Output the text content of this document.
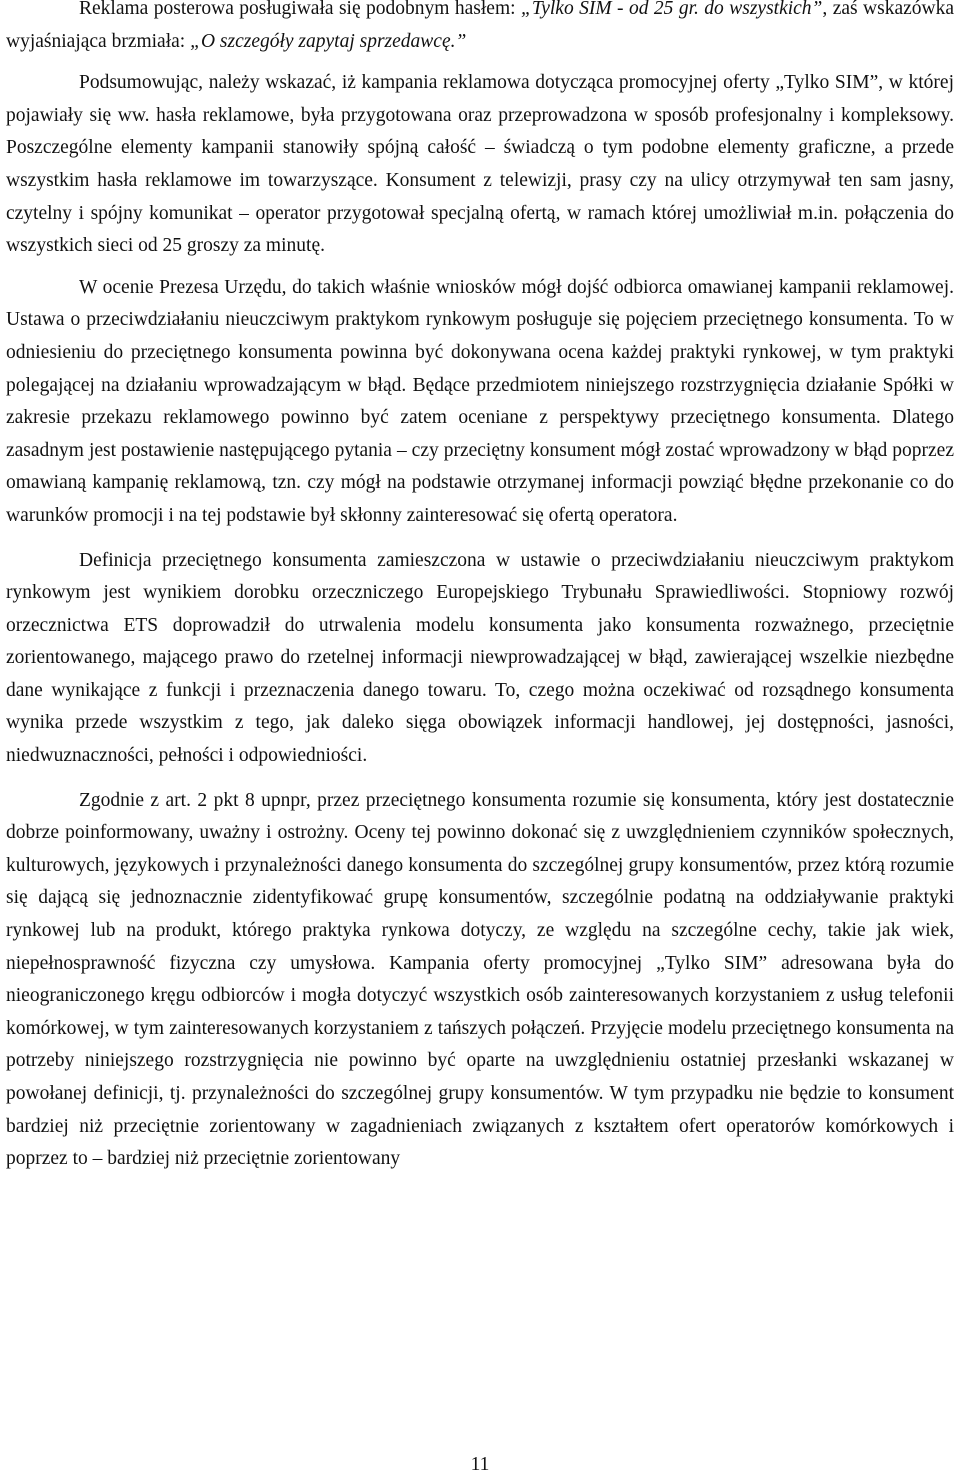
Reklama posterowa posługiwała się podobnym hasłem: „Tylko SIM - od 25 gr. do wszystkich”, zaś wskazówka wyjaśniająca brzmiała: „O szczegóły zapytaj sprzedawcę.”

Podsumowując, należy wskazać, iż kampania reklamowa dotycząca promocyjnej oferty „Tylko SIM”, w której pojawiały się ww. hasła reklamowe, była przygotowana oraz przeprowadzona w sposób profesjonalny i kompleksowy. Poszczególne elementy kampanii stanowiły spójną całość – świadczą o tym podobne elementy graficzne, a przede wszystkim hasła reklamowe im towarzyszące. Konsument z telewizji, prasy czy na ulicy otrzymywał ten sam jasny, czytelny i spójny komunikat – operator przygotował specjalną ofertą, w ramach której umożliwiał m.in. połączenia do wszystkich sieci od 25 groszy za minutę.

W ocenie Prezesa Urzędu, do takich właśnie wniosków mógł dojść odbiorca omawianej kampanii reklamowej. Ustawa o przeciwdziałaniu nieuczciwym praktykom rynkowym posługuje się pojęciem przeciętnego konsumenta. To w odniesieniu do przeciętnego konsumenta powinna być dokonywana ocena każdej praktyki rynkowej, w tym praktyki polegającej na działaniu wprowadzającym w błąd. Będące przedmiotem niniejszego rozstrzygnięcia działanie Spółki w zakresie przekazu reklamowego powinno być zatem oceniane z perspektywy przeciętnego konsumenta. Dlatego zasadnym jest postawienie następującego pytania – czy przeciętny konsument mógł zostać wprowadzony w błąd poprzez omawianą kampanię reklamową, tzn. czy mógł na podstawie otrzymanej informacji powziąć błędne przekonanie co do warunków promocji i na tej podstawie był skłonny zainteresować się ofertą operatora.

Definicja przeciętnego konsumenta zamieszczona w ustawie o przeciwdziałaniu nieuczciwym praktykom rynkowym jest wynikiem dorobku orzeczniczego Europejskiego Trybunału Sprawiedliwości. Stopniowy rozwój orzecznictwa ETS doprowadził do utrwalenia modelu konsumenta jako konsumenta rozważnego, przeciętnie zorientowanego, mającego prawo do rzetelnej informacji niewprowadzającej w błąd, zawierającej wszelkie niezbędne dane wynikające z funkcji i przeznaczenia danego towaru. To, czego można oczekiwać od rozsądnego konsumenta wynika przede wszystkim z tego, jak daleko sięga obowiązek informacji handlowej, jej dostępności, jasności, niedwuznaczności, pełności i odpowiedniości.

Zgodnie z art. 2 pkt 8 upnpr, przez przeciętnego konsumenta rozumie się konsumenta, który jest dostatecznie dobrze poinformowany, uważny i ostrożny. Oceny tej powinno dokonać się z uwzględnieniem czynników społecznych, kulturowych, językowych i przynależności danego konsumenta do szczególnej grupy konsumentów, przez którą rozumie się dającą się jednoznacznie zidentyfikować grupę konsumentów, szczególnie podatną na oddziaływanie praktyki rynkowej lub na produkt, którego praktyka rynkowa dotyczy, ze względu na szczególne cechy, takie jak wiek, niepełnosprawność fizyczna czy umysłowa. Kampania oferty promocyjnej „Tylko SIM” adresowana była do nieograniczonego kręgu odbiorców i mogła dotyczyć wszystkich osób zainteresowanych korzystaniem z usług telefonii komórkowej, w tym zainteresowanych korzystaniem z tańszych połączeń. Przyjęcie modelu przeciętnego konsumenta na potrzeby niniejszego rozstrzygnięcia nie powinno być oparte na uwzględnieniu ostatniej przesłanki wskazanej w powołanej definicji, tj. przynależności do szczególnej grupy konsumentów. W tym przypadku nie będzie to konsument bardziej niż przeciętnie zorientowany w zagadnieniach związanych z kształtem ofert operatorów komórkowych i poprzez to – bardziej niż przeciętnie zorientowany

11
